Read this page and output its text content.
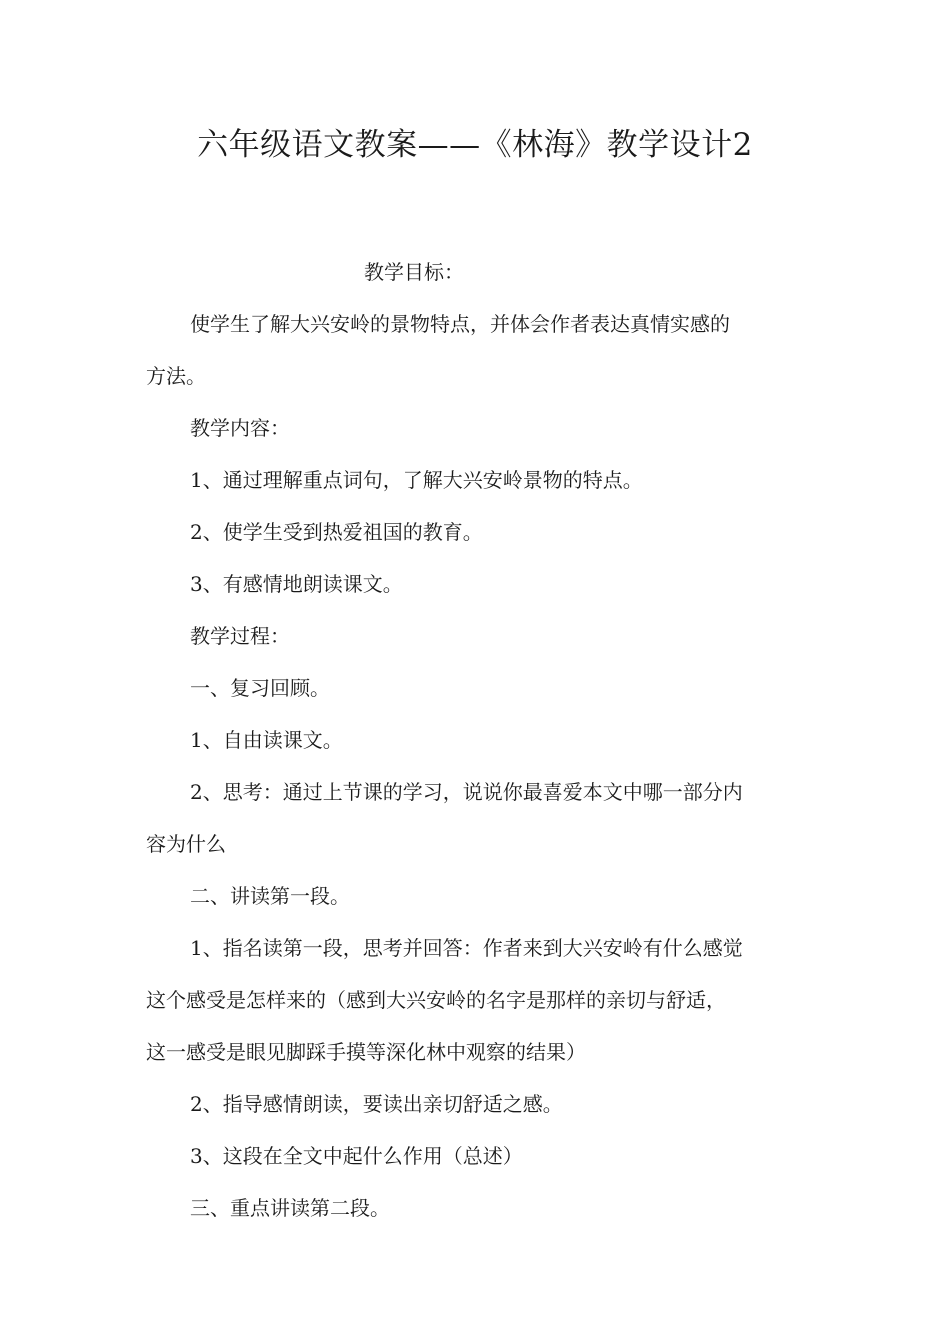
六年级语文教案——《林海》教学设计2

教学目标：

使学生了解大兴安岭的景物特点，并体会作者表达真情实感的

方法。

教学内容：

1、通过理解重点词句，了解大兴安岭景物的特点。

2、使学生受到热爱祖国的教育。

3、有感情地朗读课文。

教学过程：

一、复习回顾。

1、自由读课文。

2、思考：通过上节课的学习，说说你最喜爱本文中哪一部分内

容为什么

二、讲读第一段。

1、指名读第一段，思考并回答：作者来到大兴安岭有什么感觉

这个感受是怎样来的（感到大兴安岭的名字是那样的亲切与舒适，

这一感受是眼见脚踩手摸等深化林中观察的结果）

2、指导感情朗读，要读出亲切舒适之感。

3、这段在全文中起什么作用（总述）

三、重点讲读第二段。
